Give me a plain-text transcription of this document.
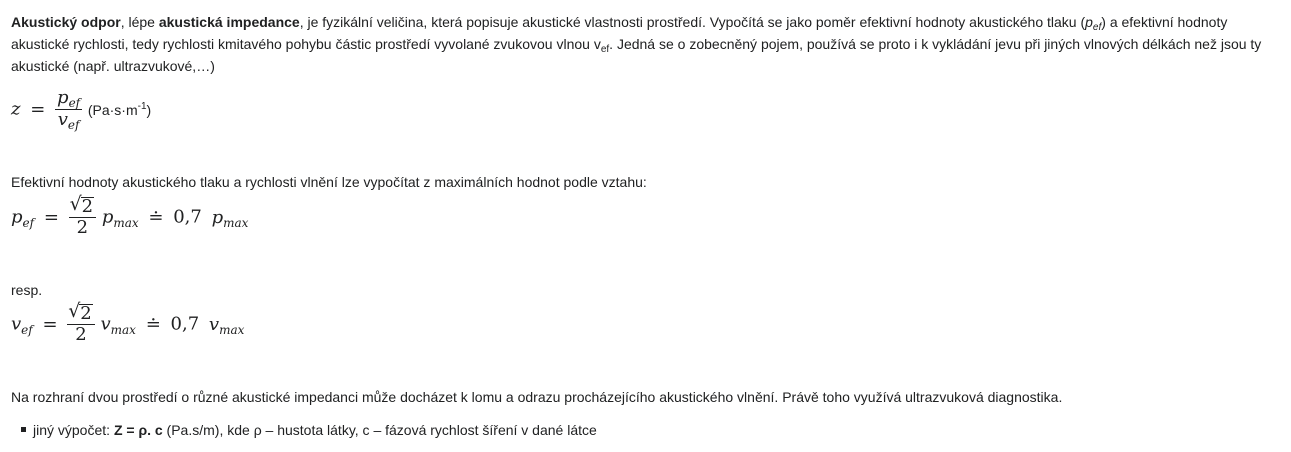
Akustický odpor, lépe akustická impedance, je fyzikální veličina, která popisuje akustické vlastnosti prostředí. Vypočítá se jako poměr efektivní hodnoty akustického tlaku $(p_{ef})$ a efektivní hodnoty akustické rychlosti, tedy rychlosti kmitavého pohybu částic prostředí vyvolané zvukovou vlnou $v_{ef}$. Jedná se o zobecněný pojem, používá se proto i k vykládání jevu při jiných vlnových délkách než jsou ty akustické (např. ultrazvukové,…)

$z = \frac{p_{ef}}{v_{ef}} (Pa\cdot s\cdot m^{-1})$

Efektivní hodnoty akustického tlaku a rychlosti vlnění lze vypočítat z maximálních hodnot podle vztahu:

$p_{ef} = \frac{√ 2}{2} p_{max}$ ≐ 0,7 $p_{max}$

resp.

$v_{ef} = \frac{√ 2}{2} v_{max}$ ≐ 0,7 $v_{max}$

Na rozhraní dvou prostředí o různé akustické impedanci může docházet k lomu a odrazu procházejícího akustického vlnění. Právě toho využívá ultrazvuková diagnostika.

jiný výpočet: Z = ρ. c (Pa.s/m), kde ρ – hustota látky, c – fázová rychlost šíření v dané látce
